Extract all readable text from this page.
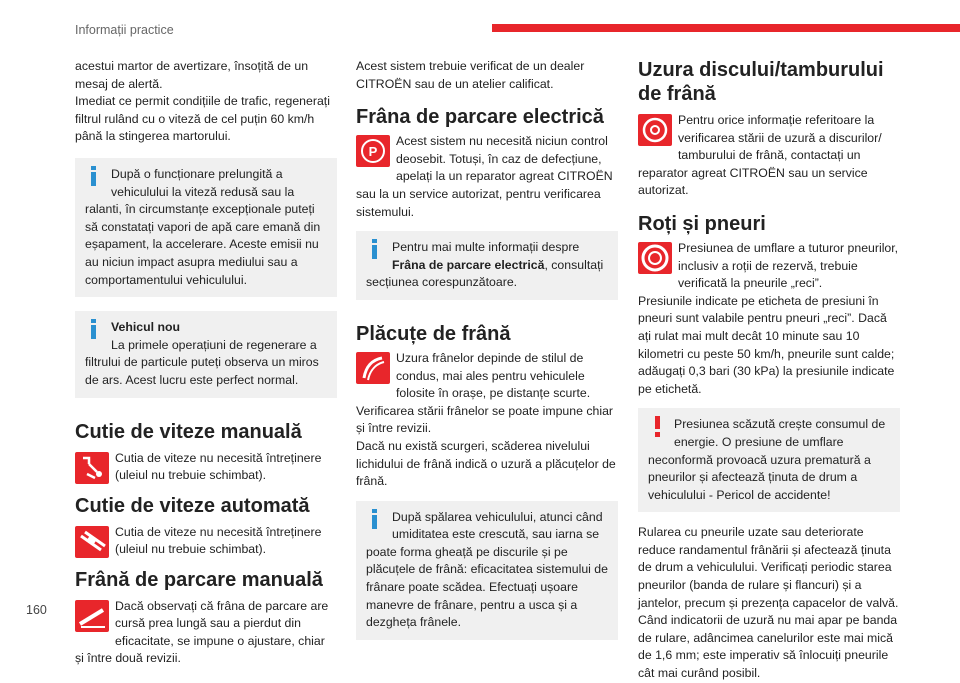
Informații practice

acestui martor de avertizare, însoțită de un mesaj de alertă.

Imediat ce permit condițiile de trafic, regenerați filtrul rulând cu o viteză de cel puțin 60 km/h până la stingerea martorului.

După o funcționare prelungită a vehiculului la viteză redusă sau la ralanti, în circumstanțe excepționale puteți să constatați vapori de apă care emană din eșapament, la accelerare. Aceste emisii nu au niciun impact asupra mediului sau a comportamentului vehiculului.
Vehicul nou
La primele operațiuni de regenerare a filtrului de particule puteți observa un miros de ars. Acest lucru este perfect normal.
Cutie de viteze manuală
Cutia de viteze nu necesită întreținere (uleiul nu trebuie schimbat).
Cutie de viteze automată
Cutia de viteze nu necesită întreținere (uleiul nu trebuie schimbat).
Frână de parcare manuală
Dacă observați că frâna de parcare are cursă prea lungă sau a pierdut din eficacitate, se impune o ajustare, chiar și între două revizii.

Acest sistem trebuie verificat de un dealer CITROËN sau de un atelier calificat.

Frâna de parcare electrică
P
Acest sistem nu necesită niciun control deosebit. Totuși, în caz de defecțiune, apelați la un reparator agreat CITROËN sau la un service autorizat, pentru verificarea sistemului.
Pentru mai multe informații despre Frâna de parcare electrică, consultați secțiunea corespunzătoare.
Plăcuțe de frână
Uzura frânelor depinde de stilul de condus, mai ales pentru vehiculele folosite în orașe, pe distanțe scurte. Verificarea stării frânelor se poate impune chiar și între revizii.

Dacă nu există scurgeri, scăderea nivelului lichidului de frână indică o uzură a plăcuțelor de frână.

După spălarea vehiculului, atunci când umiditatea este crescută, sau iarna se poate forma gheață pe discurile și pe plăcuțele de frână: eficacitatea sistemului de frânare poate scădea. Efectuați ușoare manevre de frânare, pentru a usca și a dezgheța frânele.
Uzura discului/tamburului de frână
Pentru orice informație referitoare la verificarea stării de uzură a discurilor/ tamburului de frână, contactați un reparator agreat CITROËN sau un service autorizat.
Roți și pneuri
Presiunea de umflare a tuturor pneurilor, inclusiv a roții de rezervă, trebuie verificată la pneurile „reci”.

Presiunile indicate pe eticheta de presiuni în pneuri sunt valabile pentru pneuri „reci”. Dacă ați rulat mai mult decât 10 minute sau 10 kilometri cu peste 50 km/h, pneurile sunt calde; adăugați 0,3 bari (30 kPa) la presiunile indicate pe etichetă.

Presiunea scăzută crește consumul de energie. O presiune de umflare neconformă provoacă uzura prematură a pneurilor și afectează ținuta de drum a vehiculului - Pericol de accidente!

Rularea cu pneurile uzate sau deteriorate reduce randamentul frânării și afectează ținuta de drum a vehiculului. Verificați periodic starea pneurilor (banda de rulare și flancuri) și a jantelor, precum și prezența capacelor de valvă.

Când indicatorii de uzură nu mai apar pe banda de rulare, adâncimea canelurilor este mai mică de 1,6 mm; este imperativ să înlocuiți pneurile cât mai curând posibil.

160
